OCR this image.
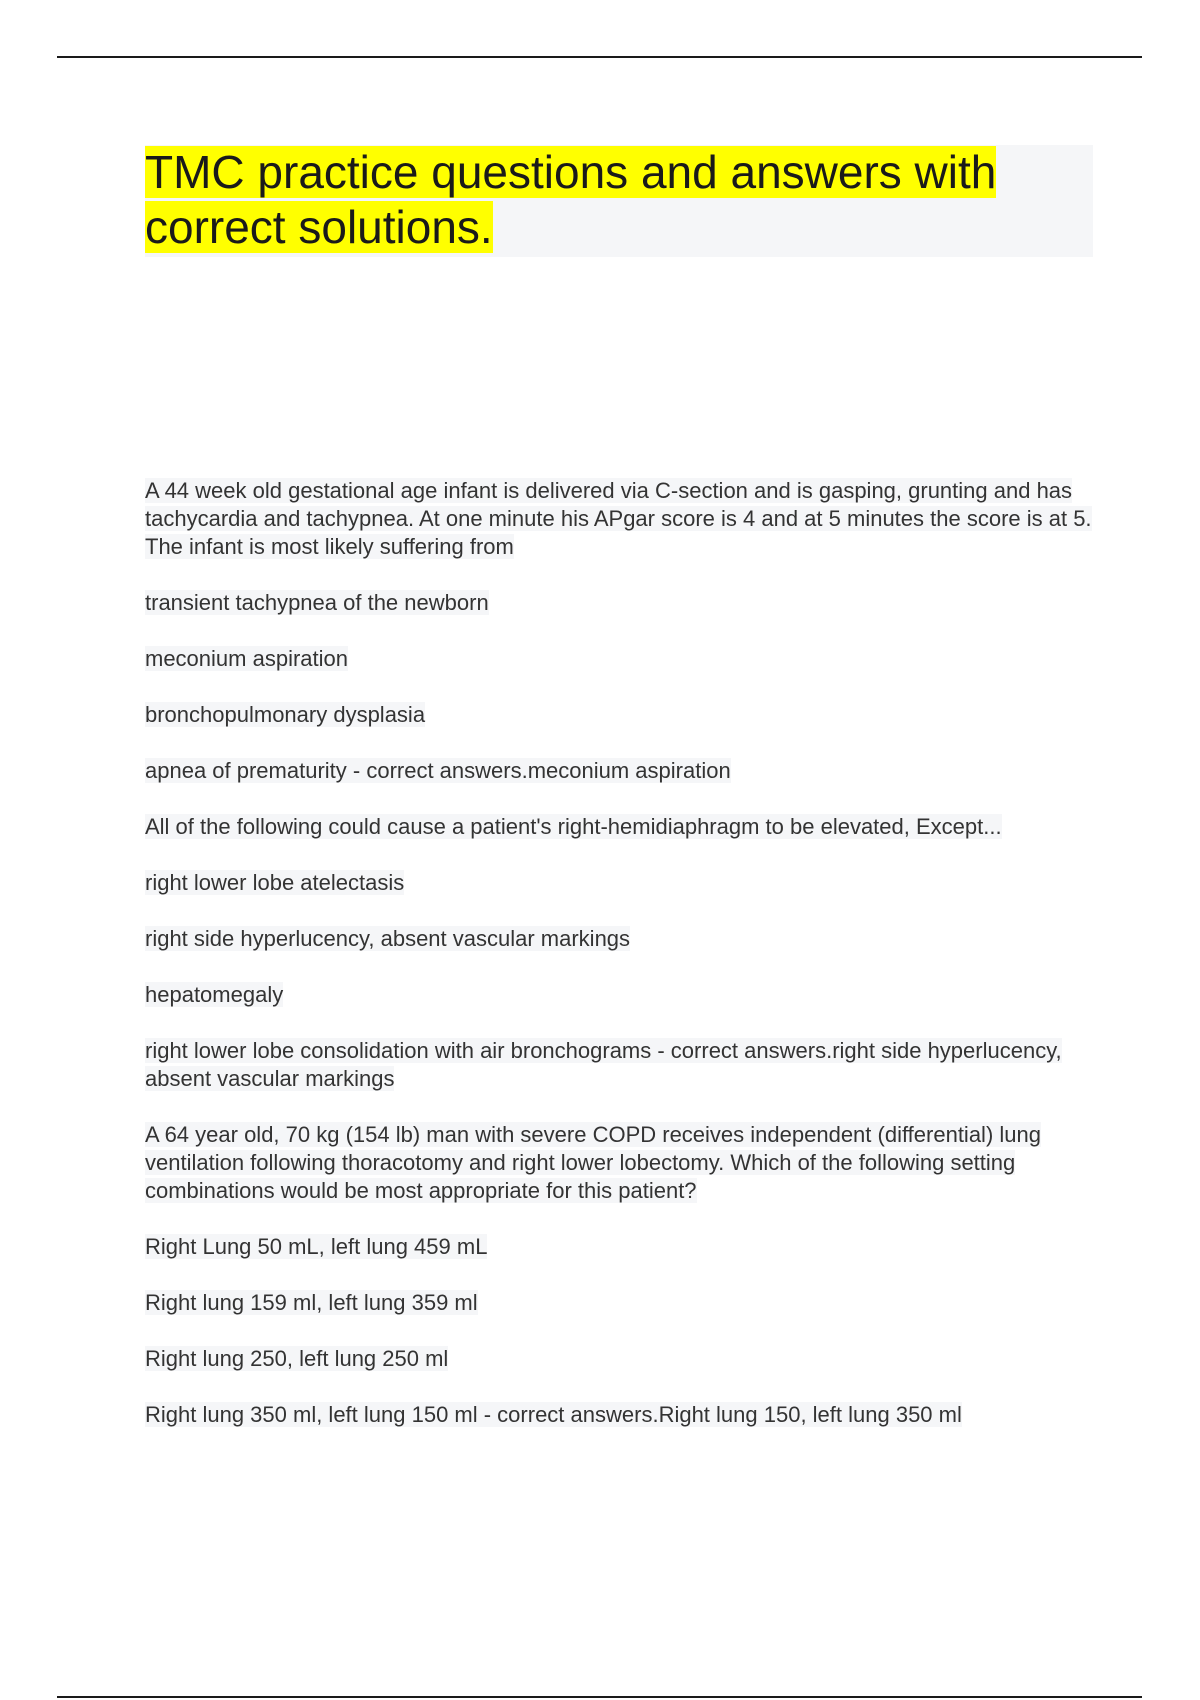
TMC practice questions and answers with correct solutions.

A 44 week old gestational age infant is delivered via C-section and is gasping, grunting and has tachycardia and tachypnea. At one minute his APgar score is 4 and at 5 minutes the score is at 5. The infant is most likely suffering from

transient tachypnea of the newborn

meconium aspiration

bronchopulmonary dysplasia

apnea of prematurity - correct answers.meconium aspiration

All of the following could cause a patient's right-hemidiaphragm to be elevated, Except...

right lower lobe atelectasis

right side hyperlucency, absent vascular markings

hepatomegaly

right lower lobe consolidation with air bronchograms - correct answers.right side hyperlucency, absent vascular markings

A 64 year old, 70 kg (154 lb) man with severe COPD receives independent (differential) lung ventilation following thoracotomy and right lower lobectomy. Which of the following setting combinations would be most appropriate for this patient?

Right Lung 50 mL, left lung 459 mL

Right lung 159 ml, left lung 359 ml

Right lung 250, left lung 250 ml

Right lung 350 ml, left lung 150 ml - correct answers.Right lung 150, left lung 350 ml
